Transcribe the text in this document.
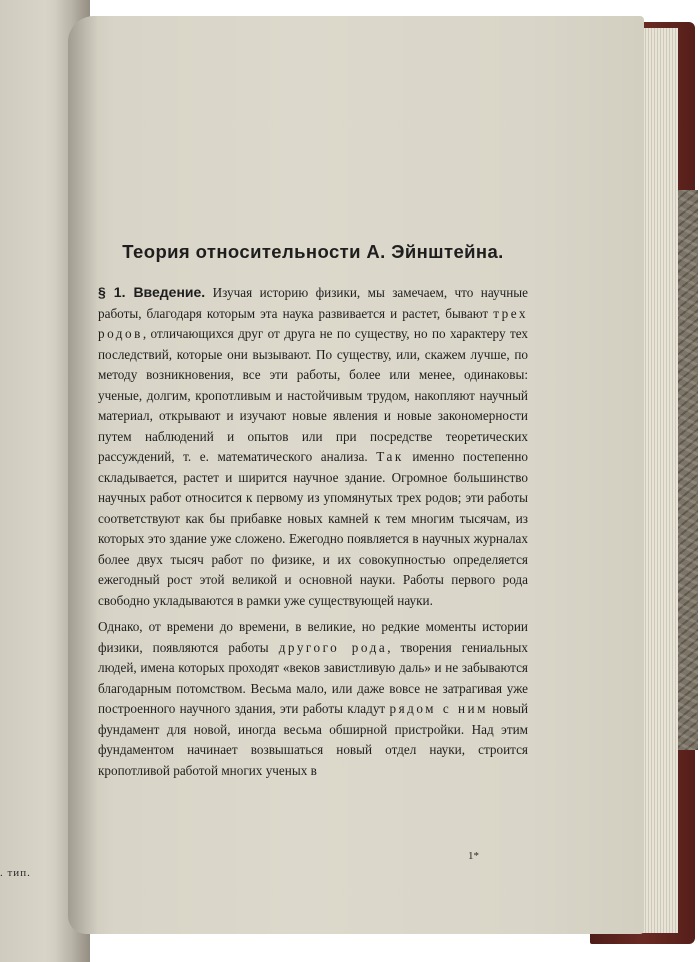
. тип.
Теория относительности А. Эйнштейна.

§ 1. Введение. Изучая историю физики, мы замечаем, что научные работы, благодаря которым эта наука развивается и растет, бывают трех родов, отличающихся друг от друга не по существу, но по характеру тех последствий, которые они вызывают. По существу, или, скажем лучше, по методу возникновения, все эти работы, более или менее, одинаковы: ученые, долгим, кропотливым и настойчивым трудом, накопляют научный материал, открывают и изучают новые явления и новые закономерности путем наблюдений и опытов или при посредстве теоретических рассуждений, т. е. математического анализа. Так именно постепенно складывается, растет и ширится научное здание. Огромное большинство научных работ относится к первому из упомянутых трех родов; эти работы соответствуют как бы прибавке новых камней к тем многим тысячам, из которых это здание уже сложено. Ежегодно появляется в научных журналах более двух тысяч работ по физике, и их совокупностью определяется ежегодный рост этой великой и основной науки. Работы первого рода свободно укладываются в рамки уже существующей науки.

Однако, от времени до времени, в великие, но редкие моменты истории физики, появляются работы другого рода, творения гениальных людей, имена которых проходят «веков завистливую даль» и не забываются благодарным потомством. Весьма мало, или даже вовсе не затрагивая уже построенного научного здания, эти работы кладут рядом с ним новый фундамент для новой, иногда весьма обширной пристройки. Над этим фундаментом начинает возвышаться новый отдел науки, строится кропотливой работой многих ученых в

1*
